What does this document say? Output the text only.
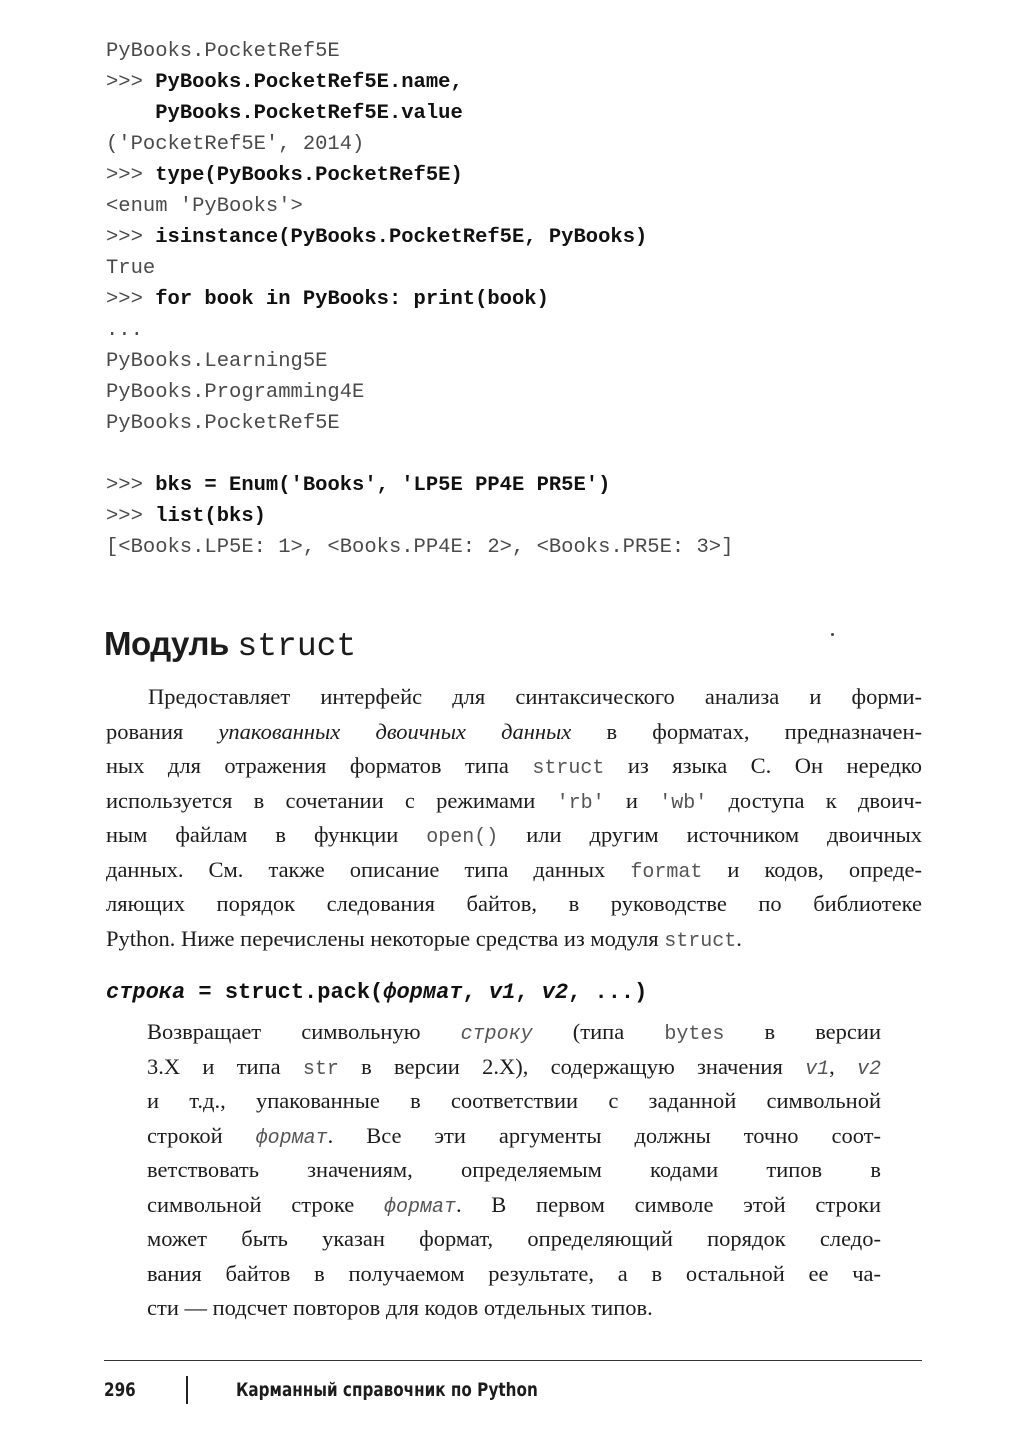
PyBooks.PocketRef5E
>>> PyBooks.PocketRef5E.name,
PyBooks.PocketRef5E.value
('PocketRef5E', 2014)
>>> type(PyBooks.PocketRef5E)
<enum 'PyBooks'>
>>> isinstance(PyBooks.PocketRef5E, PyBooks)
True
>>> for book in PyBooks: print(book)
...
PyBooks.Learning5E
PyBooks.Programming4E
PyBooks.PocketRef5E
>>> bks = Enum('Books', 'LP5E PP4E PR5E')
>>> list(bks)
[<Books.LP5E: 1>, <Books.PP4E: 2>, <Books.PR5E: 3>]
Модуль struct
Предоставляет интерфейс для синтаксического анализа и форми-
рования упакованных двоичных данных в форматах, предназначен-
ных для отражения форматов типа struct из языка С. Он нередко
используется в сочетании с режимами 'rb' и 'wb' доступа к двоич-
ным файлам в функции open() или другим источником двоичных
данных. См. также описание типа данных format и кодов, опреде-
ляющих порядок следования байтов, в руководстве по библиотеке
Python. Ниже перечислены некоторые средства из модуля struct.
строка = struct.pack(формат, v1, v2, ...)
Возвращает символьную строку (типа bytes в версии
3.X и типа str в версии 2.X), содержащую значения v1, v2
и т.д., упакованные в соответствии с заданной символьной
строкой формат. Все эти аргументы должны точно соот-
ветствовать значениям, определяемым кодами типов в
символьной строке формат. В первом символе этой строки
может быть указан формат, определяющий порядок следо-
вания байтов в получаемом результате, а в остальной ее ча-
сти — подсчет повторов для кодов отдельных типов.
296	Карманный справочник по Python
